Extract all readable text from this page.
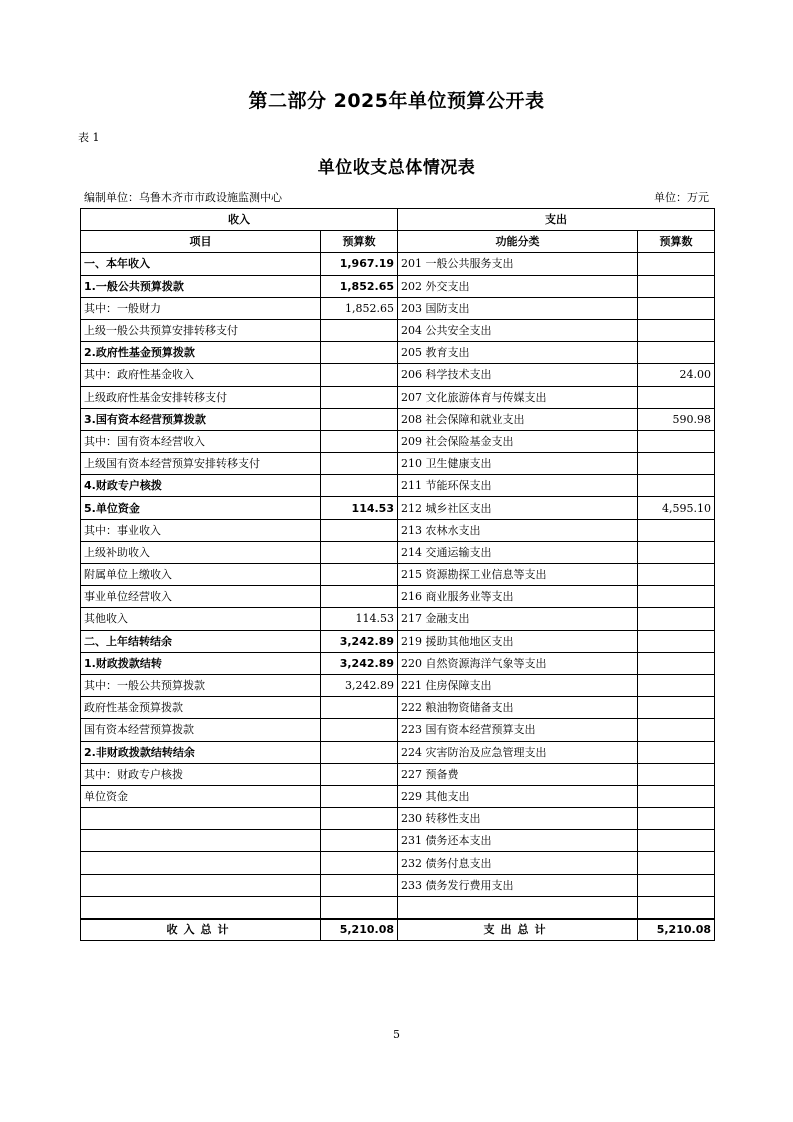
第二部分 2025年单位预算公开表
表 1
单位收支总体情况表
编制单位：乌鲁木齐市市政设施监测中心	单位：万元
收入		支出	
项目	预算数	功能分类	预算数
一、本年收入	1,967.19	201 一般公共服务支出	
1.一般公共预算拨款	1,852.65	202 外交支出	
其中：一般财力	1,852.65	203 国防支出	
上级一般公共预算安排转移支付		204 公共安全支出	
2.政府性基金预算拨款		205 教育支出	
其中：政府性基金收入		206 科学技术支出	24.00
上级政府性基金安排转移支付		207 文化旅游体育与传媒支出	
3.国有资本经营预算拨款		208 社会保障和就业支出	590.98
其中：国有资本经营收入		209 社会保险基金支出	
上级国有资本经营预算安排转移支付		210 卫生健康支出	
4.财政专户核拨		211 节能环保支出	
5.单位资金	114.53	212 城乡社区支出	4,595.10
其中：事业收入		213 农林水支出	
上级补助收入		214 交通运输支出	
附属单位上缴收入		215 资源勘探工业信息等支出	
事业单位经营收入		216 商业服务业等支出	
其他收入	114.53	217 金融支出	
二、上年结转结余	3,242.89	219 援助其他地区支出	
1.财政拨款结转	3,242.89	220 自然资源海洋气象等支出	
其中：一般公共预算拨款	3,242.89	221 住房保障支出	
政府性基金预算拨款		222 粮油物资储备支出	
国有资本经营预算拨款		223 国有资本经营预算支出	
2.非财政拨款结转结余		224 灾害防治及应急管理支出	
其中：财政专户核拨		227 预备费	
单位资金		229 其他支出	
		230 转移性支出	
		231 债务还本支出	
		232 债务付息支出	
		233 债务发行费用支出	

收入总计	5,210.08	支出总计	5,210.08
5
